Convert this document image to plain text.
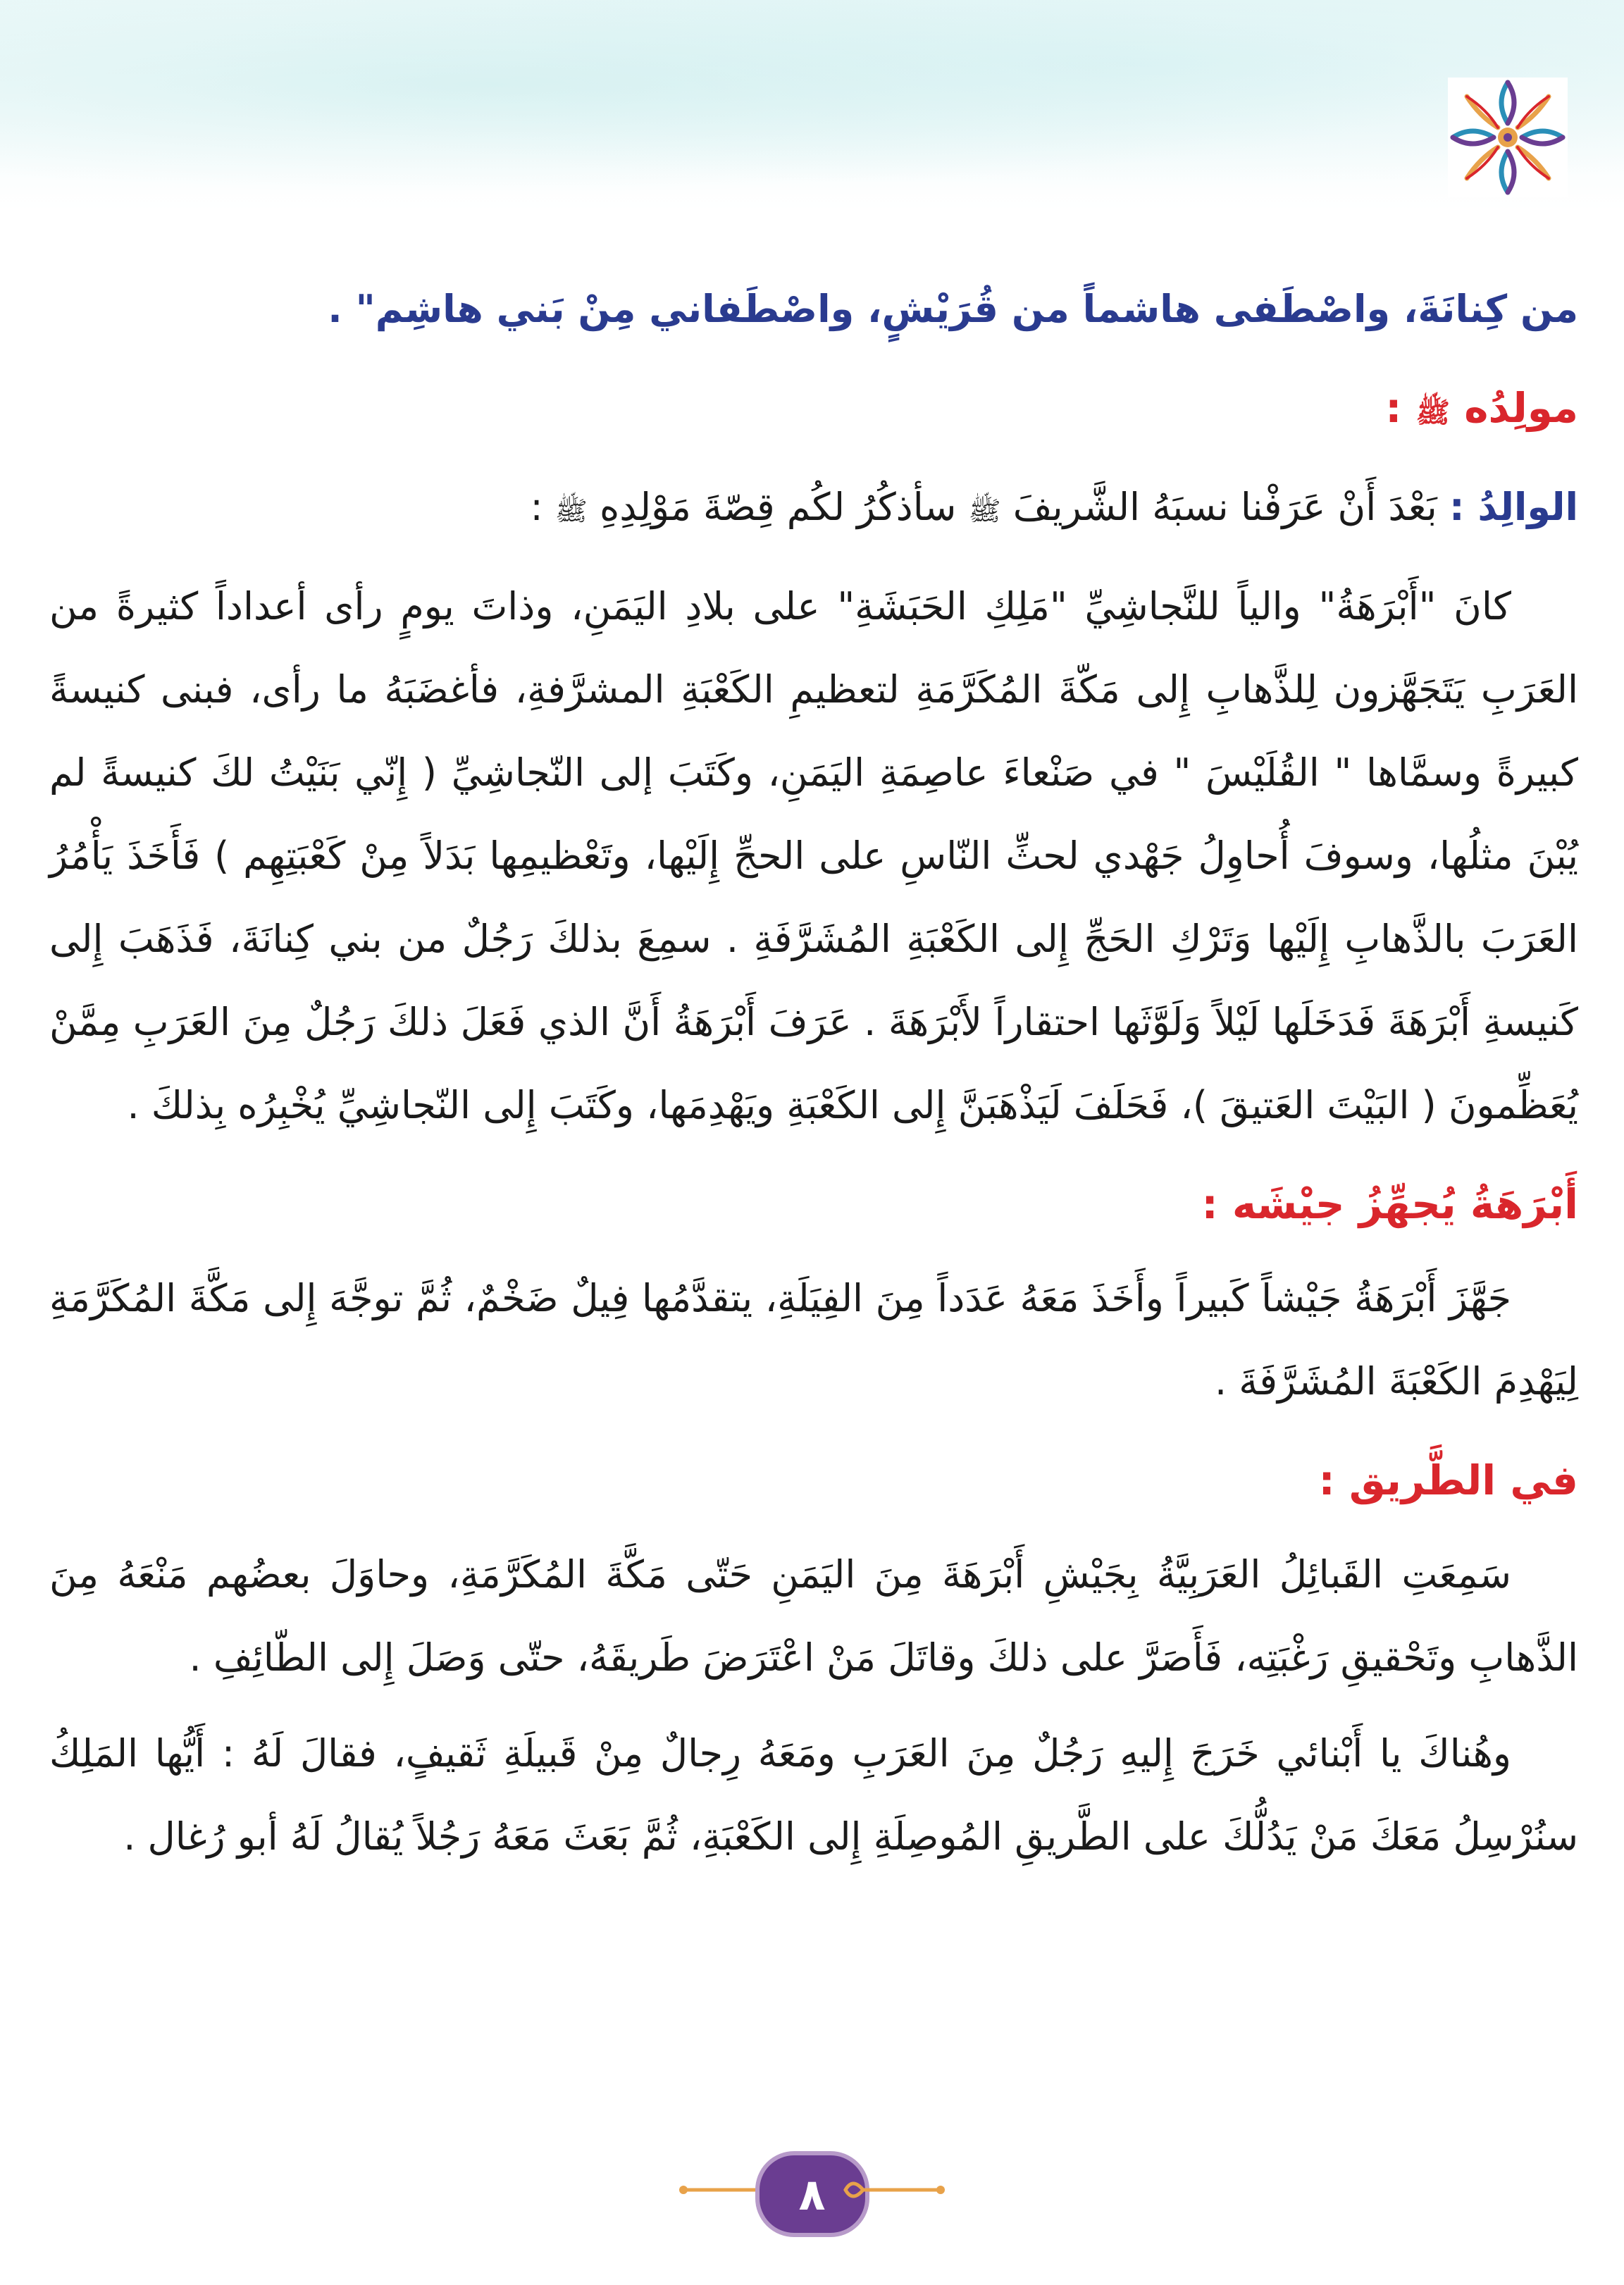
من كِنانَةَ، واصْطَفى هاشماً من قُرَيْشٍ، واصْطَفاني مِنْ بَني هاشِم" .

مولِدُه ﷺ :

الوالِدُ : بَعْدَ أَنْ عَرَفْنا نسبَهُ الشَّريفَ ﷺ سأذكُرُ لكُم قِصّةَ مَوْلِدِهِ ﷺ :

كانَ "أَبْرَهَةُ" والياً للنَّجاشِيِّ "مَلِكِ الحَبَشَةِ" على بلادِ اليَمَنِ، وذاتَ يومٍ رأى أعداداً كثيرةً من العَرَبِ يَتَجَهَّزون لِلذَّهابِ إِلى مَكّةَ المُكَرَّمَةِ لتعظيمِ الكَعْبَةِ المشرَّفةِ، فأغضَبَهُ ما رأى، فبنى كنيسةً كبيرةً وسمَّاها " القُلَيْسَ " في صَنْعاءَ عاصِمَةِ اليَمَنِ، وكَتَبَ إلى النّجاشِيِّ ( إِنّي بَنَيْتُ لكَ كنيسةً لم يُبْنَ مثلُها، وسوفَ أُحاوِلُ جَهْدي لحثِّ النّاسِ على الحجِّ إِلَيْها، وتَعْظيمِها بَدَلاً مِنْ كَعْبَتِهِم ) فَأَخَذَ يَأْمُرُ العَرَبَ بالذَّهابِ إِلَيْها وَتَرْكِ الحَجِّ إِلى الكَعْبَةِ المُشَرَّفَةِ . سمِعَ بذلكَ رَجُلٌ من بني كِنانَةَ، فَذَهَبَ إِلى كَنيسةِ أَبْرَهَةَ فَدَخَلَها لَيْلاً وَلَوَّثَها احتقاراً لأَبْرَهَةَ . عَرَفَ أَبْرَهَةُ أَنَّ الذي فَعَلَ ذلكَ رَجُلٌ مِنَ العَرَبِ مِمَّنْ يُعَظِّمونَ ( البَيْتَ العَتيقَ )، فَحَلَفَ لَيَذْهَبَنَّ إِلى الكَعْبَةِ ويَهْدِمَها، وكَتَبَ إِلى النّجاشِيِّ يُخْبِرُه بِذلكَ .

أَبْرَهَةُ يُجهِّزُ جيْشَه :

جَهَّزَ أَبْرَهَةُ جَيْشاً كَبيراً وأَخَذَ مَعَهُ عَدَداً مِنَ الفِيَلَةِ، يتقدَّمُها فِيلٌ ضَخْمٌ، ثُمَّ توجَّهَ إِلى مَكَّةَ المُكَرَّمَةِ لِيَهْدِمَ الكَعْبَةَ المُشَرَّفَةَ .

في الطَّريق :

سَمِعَتِ القَبائِلُ العَرَبِيَّةُ بِجَيْشِ أَبْرَهَةَ مِنَ اليَمَنِ حَتّى مَكَّةَ المُكَرَّمَةِ، وحاوَلَ بعضُهم مَنْعَهُ مِنَ الذَّهابِ وتَحْقيقِ رَغْبَتِه، فَأَصَرَّ على ذلكَ وقاتَلَ مَنْ اعْتَرَضَ طَريقَهُ، حتّى وَصَلَ إِلى الطّائِفِ .

وهُناكَ يا أَبْنائي خَرَجَ إِليهِ رَجُلٌ مِنَ العَرَبِ ومَعَهُ رِجالٌ مِنْ قَبيلَةِ ثَقيفٍ، فقالَ لَهُ : أَيُّها المَلِكُ سنُرْسِلُ مَعَكَ مَنْ يَدُلُّكَ على الطَّريقِ المُوصِلَةِ إِلى الكَعْبَةِ، ثُمَّ بَعَثَ مَعَهُ رَجُلاً يُقالُ لَهُ أبو رُغال .

٨
